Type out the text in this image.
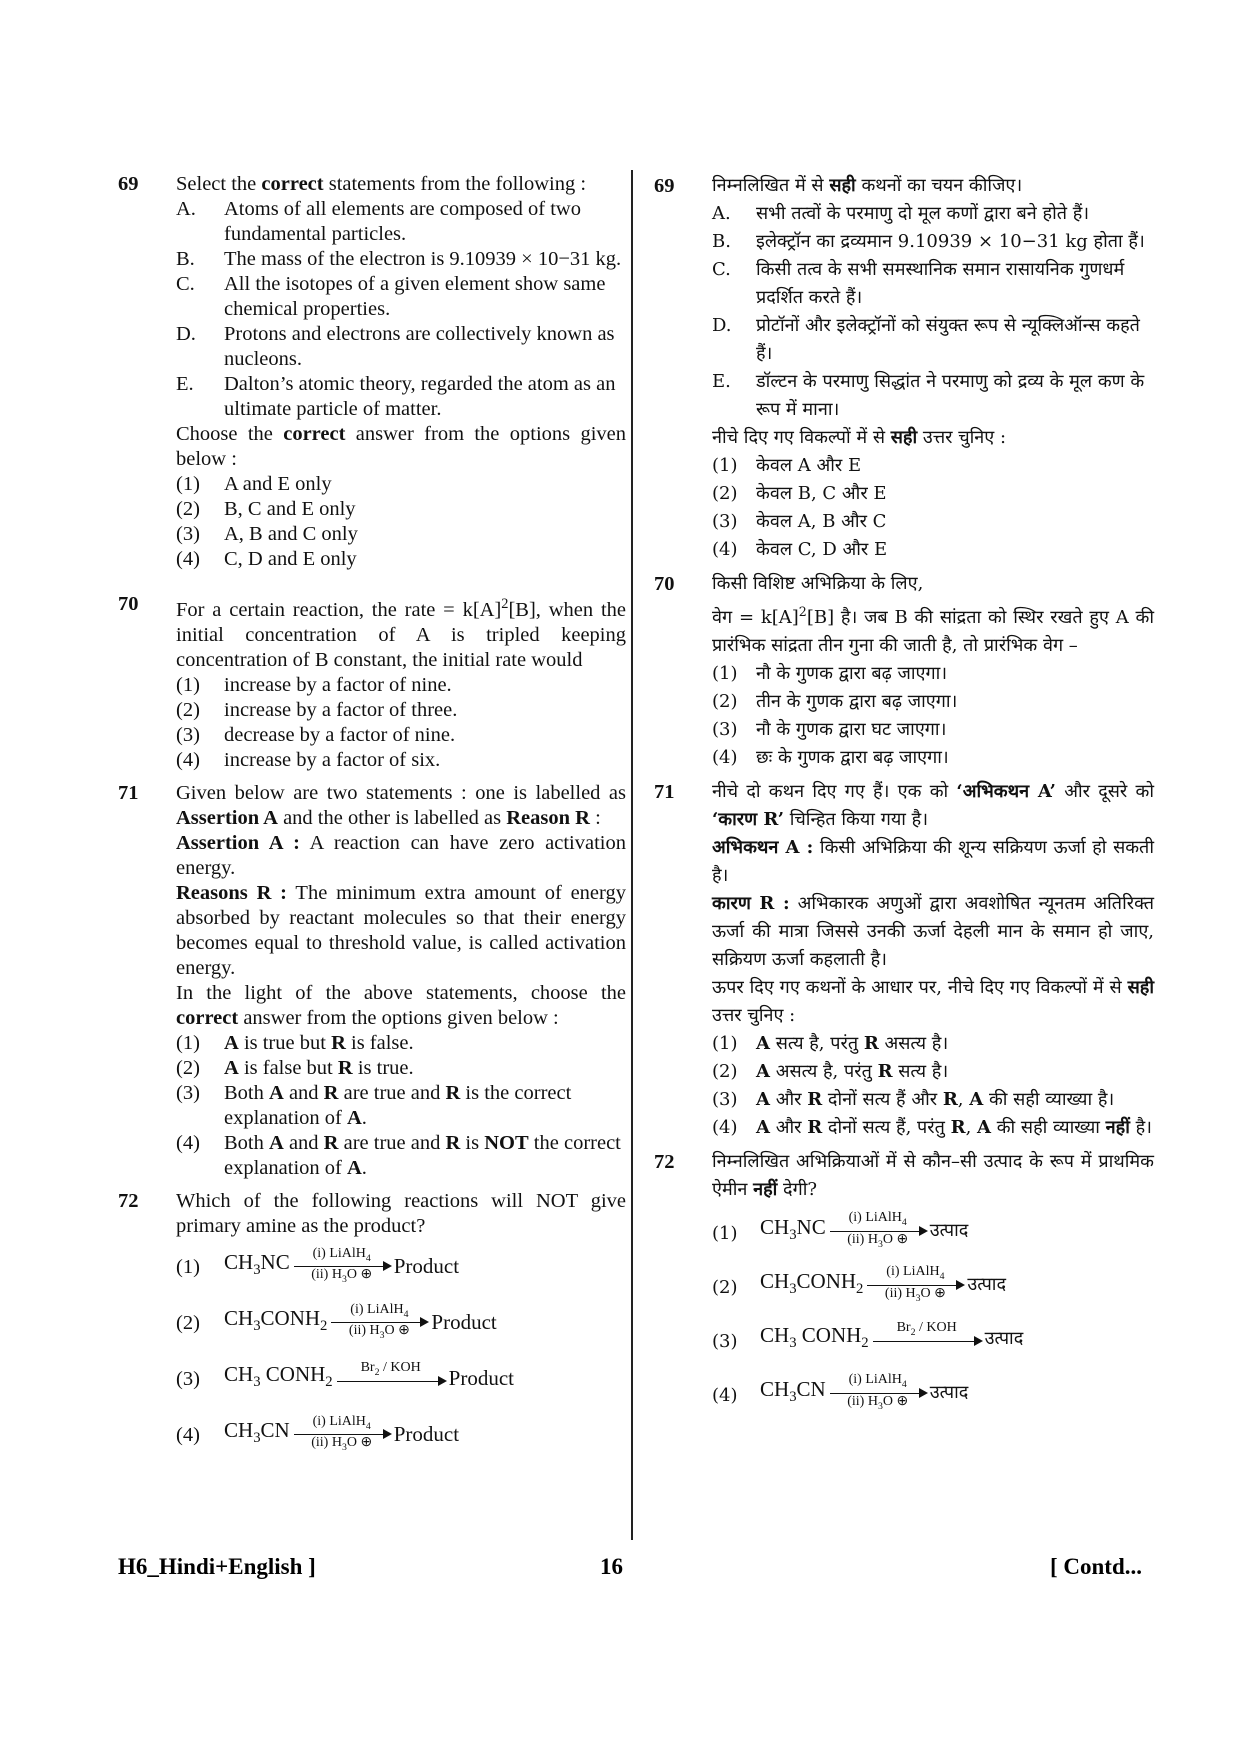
69 Select the correct statements from the following :
A. Atoms of all elements are composed of two fundamental particles.
B. The mass of the electron is 9.10939 × 10−31 kg.
C. All the isotopes of a given element show same chemical properties.
D. Protons and electrons are collectively known as nucleons.
E. Dalton’s atomic theory, regarded the atom as an ultimate particle of matter.
Choose the correct answer from the options given below :
(1) A and E only
(2) B, C and E only
(3) A, B and C only
(4) C, D and E only
70 For a certain reaction, the rate = $k[A]^2[B]$, when the initial concentration of A is tripled keeping concentration of B constant, the initial rate would
(1) increase by a factor of nine.
(2) increase by a factor of three.
(3) decrease by a factor of nine.
(4) increase by a factor of six.
71 Given below are two statements : one is labelled as Assertion A and the other is labelled as Reason R :
Assertion A : A reaction can have zero activation energy.
Reasons R : The minimum extra amount of energy absorbed by reactant molecules so that their energy becomes equal to threshold value, is called activation energy.
In the light of the above statements, choose the correct answer from the options given below :
(1) A is true but R is false.
(2) A is false but R is true.
(3) Both A and R are true and R is the correct explanation of A.
(4) Both A and R are true and R is NOT the correct explanation of A.
72 Which of the following reactions will NOT give primary amine as the product?
(1) $CH_3NC$ (i) LiAlH$_4$
(ii) $H_3O$ ⊕ Product
(2) $CH_3CONH_2$
(i) LiAlH$_4$
(ii) $H_3O$ ⊕ Product
(3) $CH_3$ $CONH_2$
$Br_2$ / KOH
Product
(4) $CH_3CN$ (i) LiAlH$_4$
(ii) $H_3O$ ⊕ Product
69 निम्नलिखित में से सही कथनों का चयन कीजिए।
A. सभी तत्वों के परमाणु दो मूल कणों द्वारा बने होते हैं।
B. इलेक्ट्रॉन का द्रव्यमान 9.10939 × 10−31 kg होता हैं।
C. किसी तत्व के सभी समस्थानिक समान रासायनिक गुणधर्म प्रदर्शित करते हैं।
D. प्रोटॉनों और इलेक्ट्रॉनों को संयुक्त रूप से न्यूक्लिऑन्स कहते हैं।
E. डॉल्टन के परमाणु सिद्धांत ने परमाणु को द्रव्य के मूल कण के रूप में माना।
नीचे दिए गए विकल्पों में से सही उत्तर चुनिए :
(1) केवल A और E
(2) केवल B, C और E
(3) केवल A, B और C
(4) केवल C, D और E
70 किसी विशिष्ट अभिक्रिया के लिए,
वेग = $k[A]^2[B]$ है। जब B की सांद्रता को स्थिर रखते हुए A की प्रारंभिक सांद्रता तीन गुना की जाती है, तो प्रारंभिक वेग –
(1) नौ के गुणक द्वारा बढ़ जाएगा।
(2) तीन के गुणक द्वारा बढ़ जाएगा।
(3) नौ के गुणक द्वारा घट जाएगा।
(4) छः के गुणक द्वारा बढ़ जाएगा।
71 नीचे दो कथन दिए गए हैं। एक को ‘अभिकथन A’ और दूसरे को ‘कारण R’ चिन्हित किया गया है।
अभिकथन A : किसी अभिक्रिया की शून्य सक्रियण ऊर्जा हो सकती है।
कारण R : अभिकारक अणुओं द्वारा अवशोषित न्यूनतम अतिरिक्त ऊर्जा की मात्रा जिससे उनकी ऊर्जा देहली मान के समान हो जाए, सक्रियण ऊर्जा कहलाती है।
ऊपर दिए गए कथनों के आधार पर, नीचे दिए गए विकल्पों में से सही उत्तर चुनिए :
(1) A सत्य है, परंतु R असत्य है।
(2) A असत्य है, परंतु R सत्य है।
(3) A और R दोनों सत्य हैं और R, A की सही व्याख्या है।
(4) A और R दोनों सत्य हैं, परंतु R, A की सही व्याख्या नहीं है।
72 निम्नलिखित अभिक्रियाओं में से कौन–सी उत्पाद के रूप में प्राथमिक ऐमीन नहीं देगी?
(1) $CH_3NC$ (i) LiAlH$_4$
(ii) $H_3O$ ⊕ उत्पाद
(2) $CH_3CONH_2$
(i) LiAlH$_4$
(ii) $H_3O$ ⊕ उत्पाद
(3) $CH_3$ $CONH_2$
$Br_2$ / KOH

उत्पाद
(4) $CH_3CN$ (i) LiAlH$_4$
(ii) $H_3O$ ⊕ उत्पाद
H6_Hindi+English ]	16	[ Contd...
